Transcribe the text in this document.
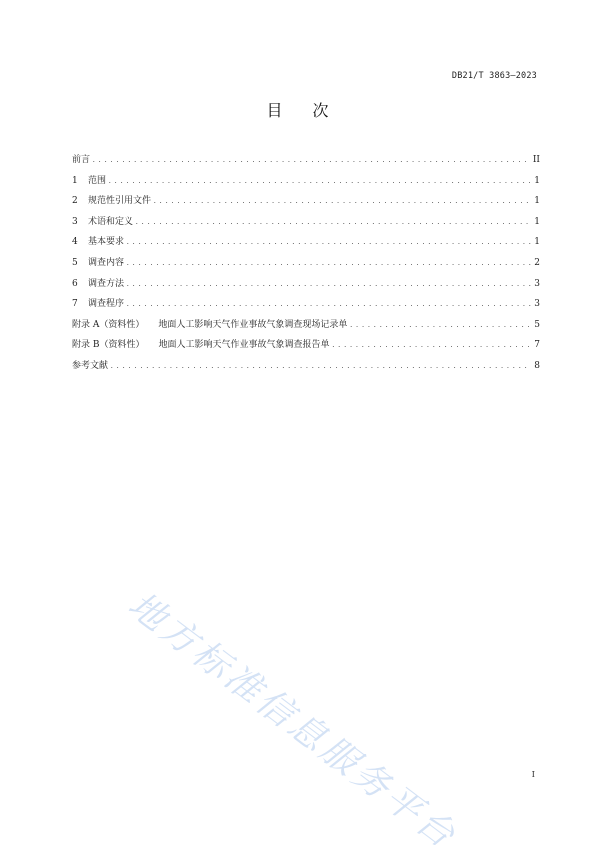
DB21/T 3863—2023
目次
前言 .....	II
1 范围 .....	1
2 规范性引用文件 .....	1
3 术语和定义 .....	1
4 基本要求 .....	1
5 调查内容 .....	2
6 调查方法 .....	3
7 调查程序 .....	3
附录 A（资料性） 地面人工影响天气作业事故气象调查现场记录单 .....	5
附录 B（资料性） 地面人工影响天气作业事故气象调查报告单 .....	7
参考文献 .....	8
地方标准信息服务平台	I
